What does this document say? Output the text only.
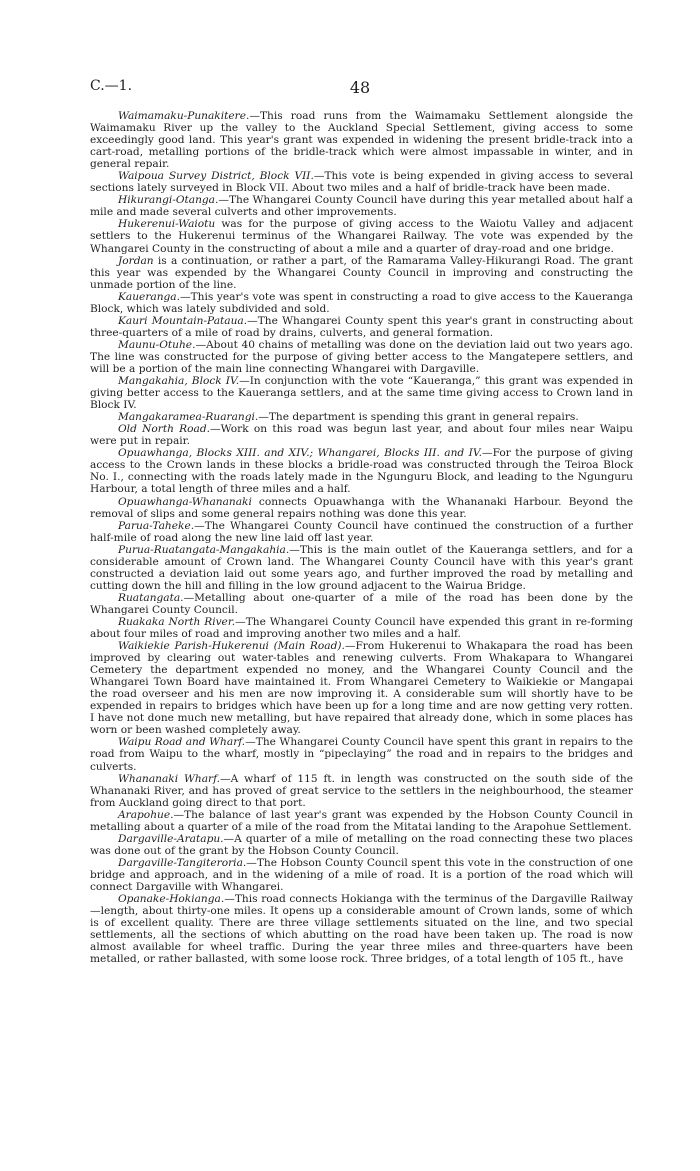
C.—1.	48

Waimamaku-Punakitere.—This road runs from the Waimamaku Settlement alongside the Waimamaku River up the valley to the Auckland Special Settlement, giving access to some exceedingly good land. This year's grant was expended in widening the present bridle-track into a cart-road, metalling portions of the bridle-track which were almost impassable in winter, and in general repair.

Waipoua Survey District, Block VII.—This vote is being expended in giving access to several sections lately surveyed in Block VII. About two miles and a half of bridle-track have been made.

Hikurangi-Otanga.—The Whangarei County Council have during this year metalled about half a mile and made several culverts and other improvements.

Hukerenui-Waiotu was for the purpose of giving access to the Waiotu Valley and adjacent settlers to the Hukerenui terminus of the Whangarei Railway. The vote was expended by the Whangarei County in the constructing of about a mile and a quarter of dray-road and one bridge.

Jordan is a continuation, or rather a part, of the Ramarama Valley-Hikurangi Road. The grant this year was expended by the Whangarei County Council in improving and constructing the unmade portion of the line.

Kaueranga.—This year's vote was spent in constructing a road to give access to the Kaueranga Block, which was lately subdivided and sold.

Kauri Mountain-Pataua.—The Whangarei County spent this year's grant in constructing about three-quarters of a mile of road by drains, culverts, and general formation.

Maunu-Otuhe.—About 40 chains of metalling was done on the deviation laid out two years ago. The line was constructed for the purpose of giving better access to the Mangatepere settlers, and will be a portion of the main line connecting Whangarei with Dargaville.

Mangakahia, Block IV.—In conjunction with the vote “Kaueranga,” this grant was expended in giving better access to the Kaueranga settlers, and at the same time giving access to Crown land in Block IV.

Mangakaramea-Ruarangi.—The department is spending this grant in general repairs.

Old North Road.—Work on this road was begun last year, and about four miles near Waipu were put in repair.

Opuawhanga, Blocks XIII. and XIV.; Whangarei, Blocks III. and IV.—For the purpose of giving access to the Crown lands in these blocks a bridle-road was constructed through the Teiroa Block No. I., connecting with the roads lately made in the Ngunguru Block, and leading to the Ngunguru Harbour, a total length of three miles and a half.

Opuawhanga-Whananaki connects Opuawhanga with the Whananaki Harbour. Beyond the removal of slips and some general repairs nothing was done this year.

Parua-Taheke.—The Whangarei County Council have continued the construction of a further half-mile of road along the new line laid off last year.

Purua-Ruatangata-Mangakahia.—This is the main outlet of the Kaueranga settlers, and for a considerable amount of Crown land. The Whangarei County Council have with this year's grant constructed a deviation laid out some years ago, and further improved the road by metalling and cutting down the hill and filling in the low ground adjacent to the Wairua Bridge.

Ruatangata.—Metalling about one-quarter of a mile of the road has been done by the Whangarei County Council.

Ruakaka North River.—The Whangarei County Council have expended this grant in re-forming about four miles of road and improving another two miles and a half.

Waikiekie Parish-Hukerenui (Main Road).—From Hukerenui to Whakapara the road has been improved by clearing out water-tables and renewing culverts. From Whakapara to Whangarei Cemetery the department expended no money, and the Whangarei County Council and the Whangarei Town Board have maintained it. From Whangarei Cemetery to Waikiekie or Mangapai the road overseer and his men are now improving it. A considerable sum will shortly have to be expended in repairs to bridges which have been up for a long time and are now getting very rotten. I have not done much new metalling, but have repaired that already done, which in some places has worn or been washed completely away.

Waipu Road and Wharf.—The Whangarei County Council have spent this grant in repairs to the road from Waipu to the wharf, mostly in “pipeclaying” the road and in repairs to the bridges and culverts.

Whananaki Wharf.—A wharf of 115 ft. in length was constructed on the south side of the Whananaki River, and has proved of great service to the settlers in the neighbourhood, the steamer from Auckland going direct to that port.

Arapohue.—The balance of last year's grant was expended by the Hobson County Council in metalling about a quarter of a mile of the road from the Mitatai landing to the Arapohue Settlement.

Dargaville-Aratapu.—A quarter of a mile of metalling on the road connecting these two places was done out of the grant by the Hobson County Council.

Dargaville-Tangiteroria.—The Hobson County Council spent this vote in the construction of one bridge and approach, and in the widening of a mile of road. It is a portion of the road which will connect Dargaville with Whangarei.

Opanake-Hokianga.—This road connects Hokianga with the terminus of the Dargaville Railway—length, about thirty-one miles. It opens up a considerable amount of Crown lands, some of which is of excellent quality. There are three village settlements situated on the line, and two special settlements, all the sections of which abutting on the road have been taken up. The road is now almost available for wheel traffic. During the year three miles and three-quarters have been metalled, or rather ballasted, with some loose rock. Three bridges, of a total length of 105 ft., have
